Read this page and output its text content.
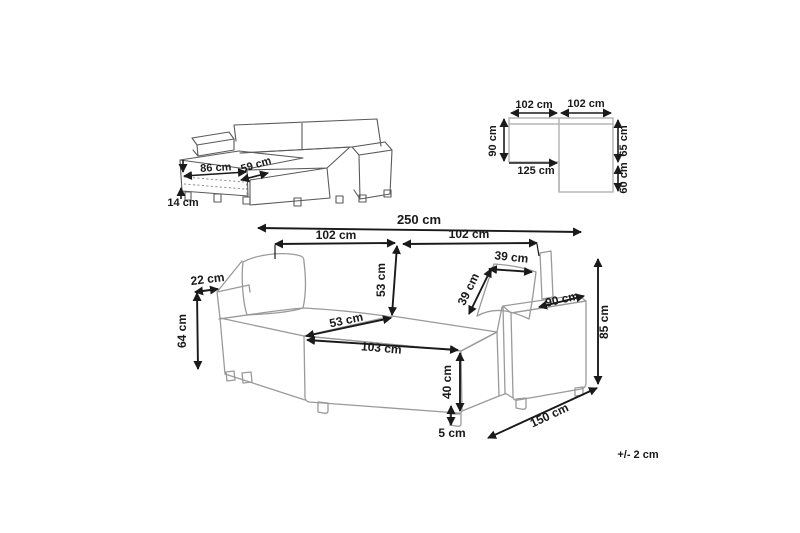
86 cm 59 cm
14 cm
102 cm 102 cm
90 cm
125 cm
65 cm
60 cm
250 cm
102 cm	102 cm
53 cm
39 cm
39 cm
22 cm
64 cm	53 cm
103 cm
40 cm
5 cm
90 cm
85 cm
150 cm
+/- 2 cm
